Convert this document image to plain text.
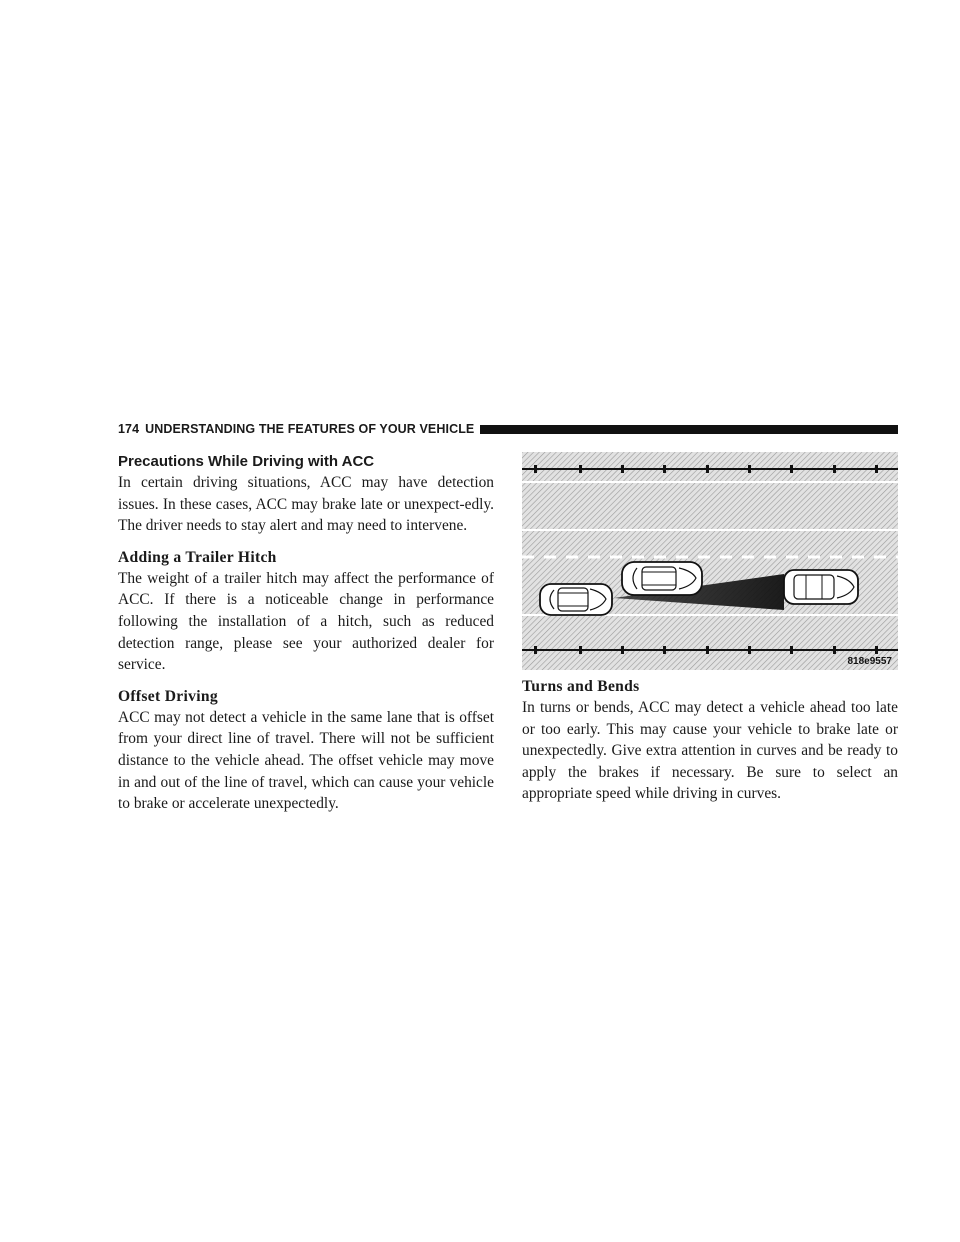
174 UNDERSTANDING THE FEATURES OF YOUR VEHICLE
Precautions While Driving with ACC

In certain driving situations, ACC may have detection issues. In these cases, ACC may brake late or unexpect-edly. The driver needs to stay alert and may need to intervene.

Adding a Trailer Hitch

The weight of a trailer hitch may affect the performance of ACC. If there is a noticeable change in performance following the installation of a hitch, such as reduced detection range, please see your authorized dealer for service.

Offset Driving

ACC may not detect a vehicle in the same lane that is offset from your direct line of travel. There will not be sufficient distance to the vehicle ahead. The offset vehicle may move in and out of the line of travel, which can cause your vehicle to brake or accelerate unexpectedly.

818e9557
Turns and Bends

In turns or bends, ACC may detect a vehicle ahead too late or too early. This may cause your vehicle to brake late or unexpectedly. Give extra attention in curves and be ready to apply the brakes if necessary. Be sure to select an appropriate speed while driving in curves.
